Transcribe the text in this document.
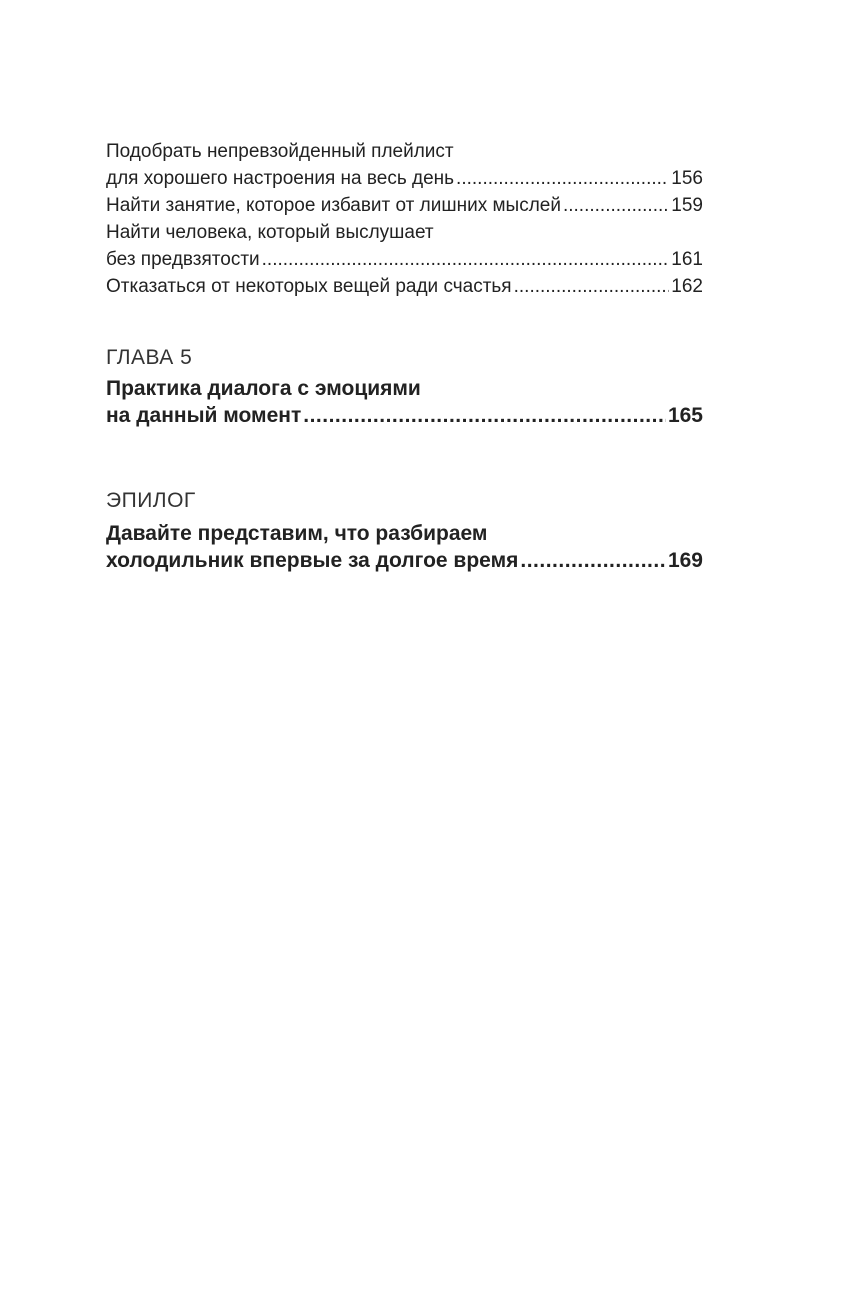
Подобрать непревзойденный плейлист
для хорошего настроения на весь день .....	156
Найти занятие, которое избавит от лишних мыслей .....	159
Найти человека, который выслушает
без предвзятости .....	161
Отказаться от некоторых вещей ради счастья .....	162
ГЛАВА 5
Практика диалога с эмоциями
на данный момент .....	165
ЭПИЛОГ
Давайте представим, что разбираем
холодильник впервые за долгое время .....	169
